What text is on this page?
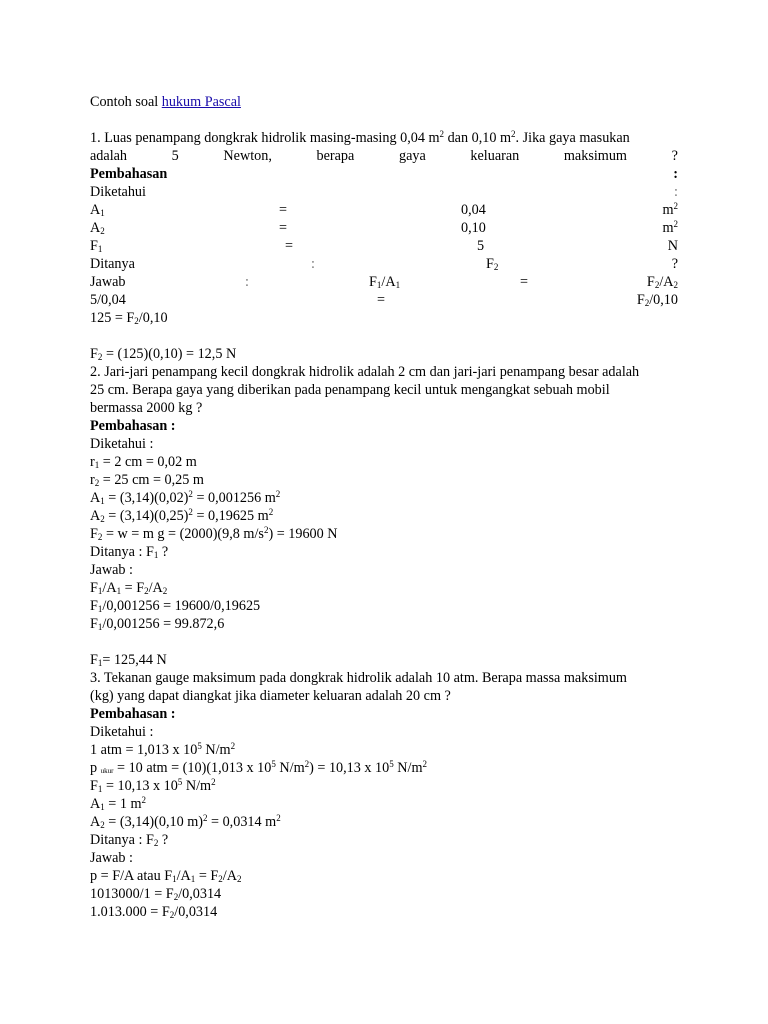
Contoh soal hukum Pascal
1. Luas penampang dongkrak hidrolik masing-masing 0,04 $m^2$ dan 0,10 $m^2$. Jika gaya masukan
adalah	5	Newton,	berapa	gaya	keluaran	maksimum	?
Pembahasan	:
Diketahui	:
$A_1$	=	0,04	$m^2$
$A_2$	=	0,10	$m^2$
$F_1$	=	5	N
Ditanya	:	$F_2$	?
Jawab	:	$F_1/A_1$	=	$F_2/A_2$
5/0,04	=	$F_2/0,10$
$125 = F_2/0,10$
$F_2 = (125)(0,10) = 12,5$ N
2. Jari-jari penampang kecil dongkrak hidrolik adalah 2 cm dan jari-jari penampang besar adalah
25 cm. Berapa gaya yang diberikan pada penampang kecil untuk mengangkat sebuah mobil
bermassa 2000 kg ?
Pembahasan :
Diketahui :
$r_1 = 2$ cm = 0,02 m
$r_2 = 25$ cm = 0,25 m
$A_1 = (3,14)(0,02)^2 = 0,001256$ $m^2$
$A_2 = (3,14)(0,25)^2 = 0,19625$ $m^2$
$F_2 = w = m$ g = (2000)(9,8 $m/s^2) = 19600$ N
Ditanya : $F_1$ ?
Jawab :
$F_1/A_1 = F_2/A_2$
$F_1/0,001256 = 19600/0,19625$
$F_1/0,001256 = 99.872,6$
$F_1= 125,44$ N
3. Tekanan gauge maksimum pada dongkrak hidrolik adalah 10 atm. Berapa massa maksimum
(kg) yang dapat diangkat jika diameter keluaran adalah 20 cm ?
Pembahasan :
Diketahui :
1 atm = 1,013 x $10^5$ $N/m^2$
p ukur = 10 atm = (10)(1,013 x $10^5$ $N/m^2) = 10,13$ x $10^5$ $N/m^2$
$F_1 = 10,13$ x $10^5$ $N/m^2$
$A_1 = 1$ $m^2$
$A_2 = (3,14)(0,10$ m)$^2$ = 0,0314 $m^2$
Ditanya : $F_2$ ?
Jawab :
p = F/A atau $F_1/A_1 = F_2/A_2$
$1013000/1 = F_2/0,0314$
$1.013.000 = F_2/0,0314$
